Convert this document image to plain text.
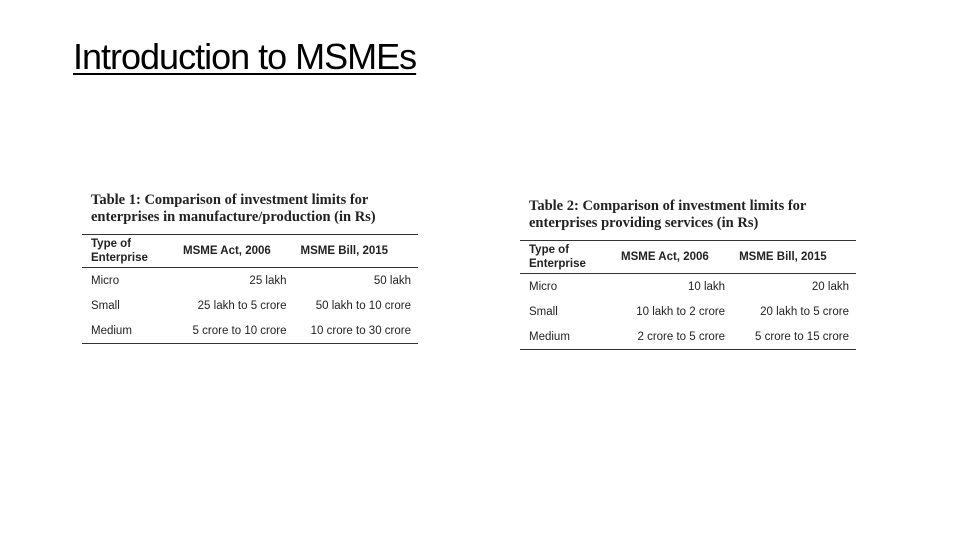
Introduction to MSMEs
Table 1: Comparison of investment limits for
enterprises in manufacture/production (in Rs)
Type of
Enterprise	MSME Act, 2006	MSME Bill, 2015
Micro	25 lakh	50 lakh
Small	25 lakh to 5 crore	50 lakh to 10 crore
Medium	5 crore to 10 crore	10 crore to 30 crore
Table 2: Comparison of investment limits for
enterprises providing services (in Rs)
Type of
Enterprise	MSME Act, 2006	MSME Bill, 2015
Micro	10 lakh	20 lakh
Small	10 lakh to 2 crore	20 lakh to 5 crore
Medium	2 crore to 5 crore	5 crore to 15 crore
